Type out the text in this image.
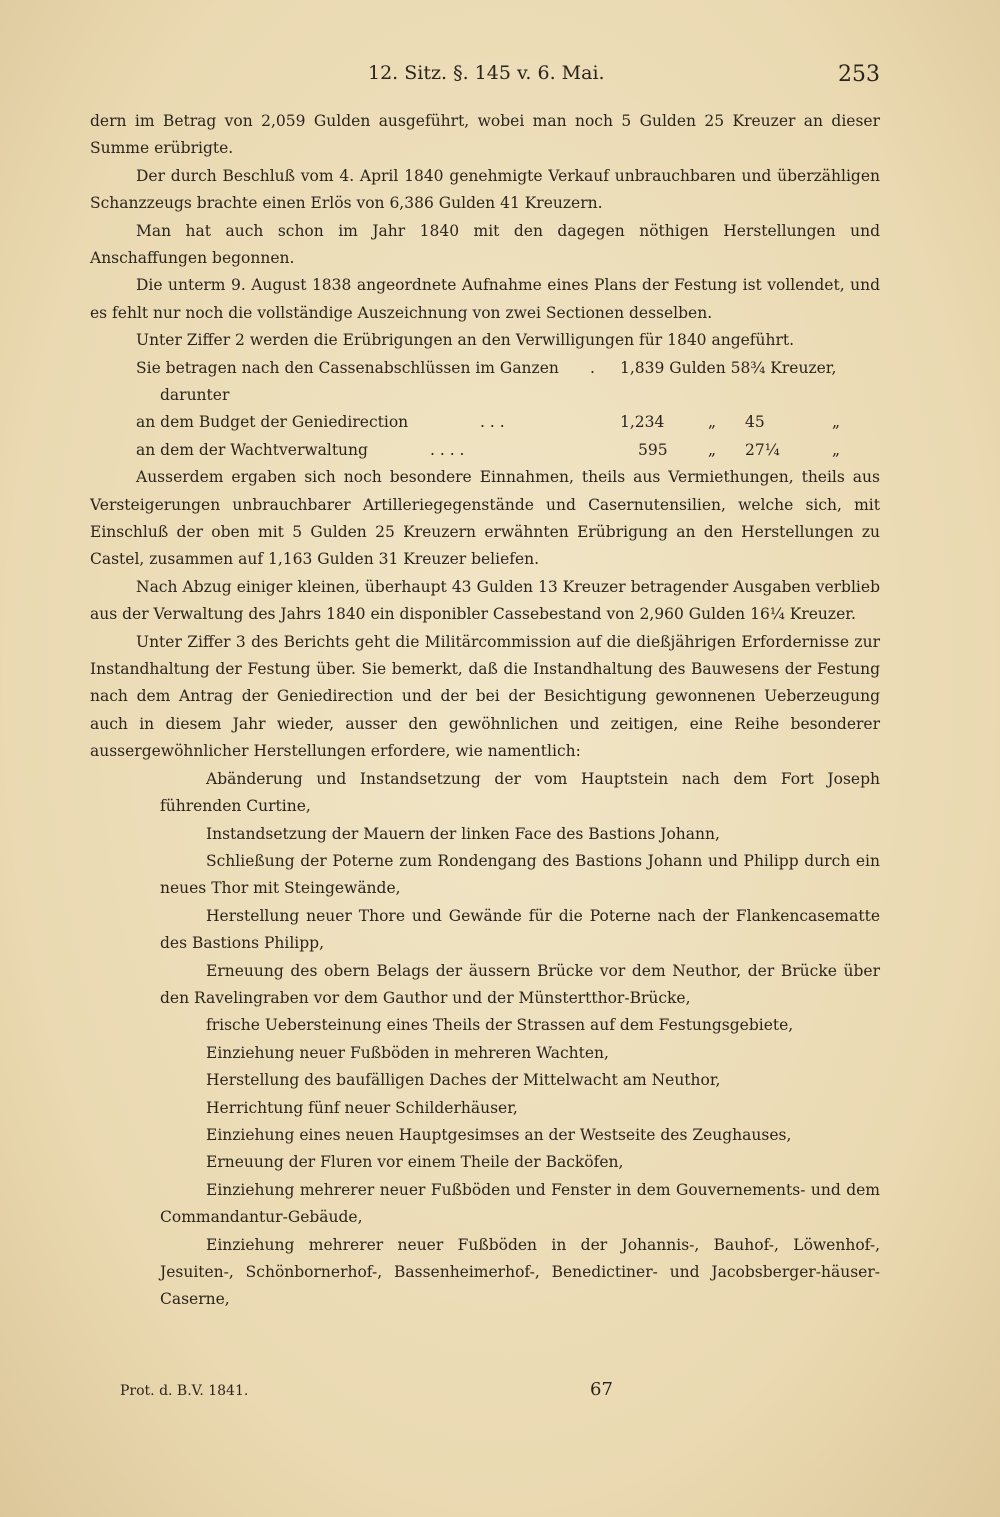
12. Sitz. §. 145 v. 6. Mai.	253

dern im Betrag von 2,059 Gulden ausgeführt, wobei man noch 5 Gulden 25 Kreuzer an dieser Summe erübrigte.

Der durch Beschluß vom 4. April 1840 genehmigte Verkauf unbrauchbaren und überzähligen Schanzzeugs brachte einen Erlös von 6,386 Gulden 41 Kreuzern.

Man hat auch schon im Jahr 1840 mit den dagegen nöthigen Herstellungen und Anschaffungen begonnen.

Die unterm 9. August 1838 angeordnete Aufnahme eines Plans der Festung ist vollendet, und es fehlt nur noch die vollständige Auszeichnung von zwei Sectionen desselben.

Unter Ziffer 2 werden die Erübrigungen an den Verwilligungen für 1840 angeführt.

Sie betragen nach den Cassenabschlüssen im Ganzen . 1,839 Gulden 58¾ Kreuzer,
darunter
an dem Budget der Geniedirection	. . .	1,234	„ 45	„
an dem der Wachtverwaltung	. . . .	595	„ 27¼	„

Ausserdem ergaben sich noch besondere Einnahmen, theils aus Vermiethungen, theils aus Versteigerungen unbrauchbarer Artilleriegegenstände und Casernutensilien, welche sich, mit Einschluß der oben mit 5 Gulden 25 Kreuzern erwähnten Erübrigung an den Herstellungen zu Castel, zusammen auf 1,163 Gulden 31 Kreuzer beliefen.

Nach Abzug einiger kleinen, überhaupt 43 Gulden 13 Kreuzer betragender Ausgaben verblieb aus der Verwaltung des Jahrs 1840 ein disponibler Cassebestand von 2,960 Gulden 16¼ Kreuzer.

Unter Ziffer 3 des Berichts geht die Militärcommission auf die dießjährigen Erfordernisse zur Instandhaltung der Festung über. Sie bemerkt, daß die Instandhaltung des Bauwesens der Festung nach dem Antrag der Geniedirection und der bei der Besichtigung gewonnenen Ueberzeugung auch in diesem Jahr wieder, ausser den gewöhnlichen und zeitigen, eine Reihe besonderer aussergewöhnlicher Herstellungen erfordere, wie namentlich:

Abänderung und Instandsetzung der vom Hauptstein nach dem Fort Joseph führenden Curtine,

Instandsetzung der Mauern der linken Face des Bastions Johann,

Schließung der Poterne zum Rondengang des Bastions Johann und Philipp durch ein neues Thor mit Steingewände,

Herstellung neuer Thore und Gewände für die Poterne nach der Flankencasematte des Bastions Philipp,

Erneuung des obern Belags der äussern Brücke vor dem Neuthor, der Brücke über den Ravelingraben vor dem Gauthor und der Münstertthor-Brücke,

frische Uebersteinung eines Theils der Strassen auf dem Festungsgebiete,

Einziehung neuer Fußböden in mehreren Wachten,

Herstellung des baufälligen Daches der Mittelwacht am Neuthor,

Herrichtung fünf neuer Schilderhäuser,

Einziehung eines neuen Hauptgesimses an der Westseite des Zeughauses,

Erneuung der Fluren vor einem Theile der Backöfen,

Einziehung mehrerer neuer Fußböden und Fenster in dem Gouvernements- und dem Commandantur-Gebäude,

Einziehung mehrerer neuer Fußböden in der Johannis-, Bauhof-, Löwenhof-, Jesuiten-, Schönbornerhof-, Bassenheimerhof-, Benedictiner- und Jacobsberger-häuser-Caserne,

Prot. d. B.V. 1841.	67
